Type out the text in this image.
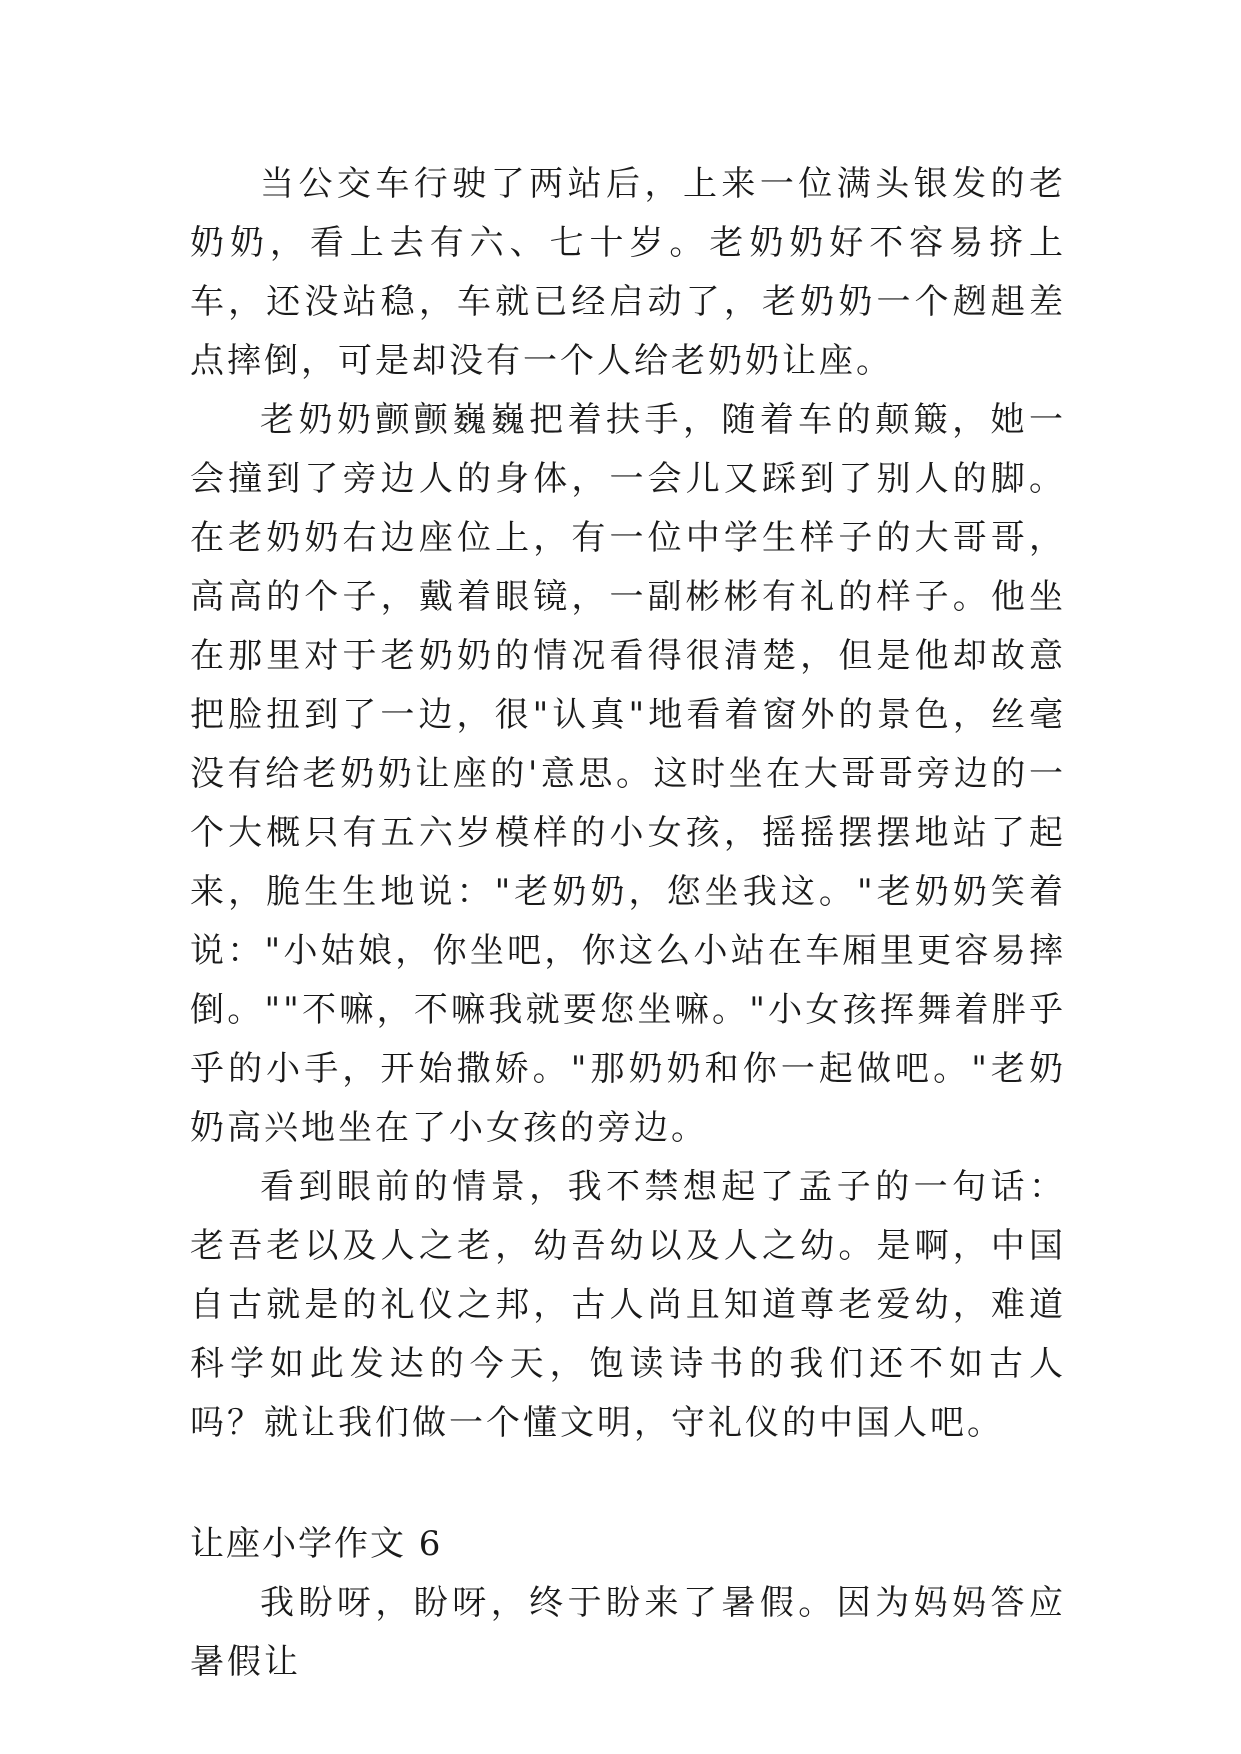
当公交车行驶了两站后，上来一位满头银发的老奶奶，看上去有六、七十岁。老奶奶好不容易挤上车，还没站稳，车就已经启动了，老奶奶一个趔趄差点摔倒，可是却没有一个人给老奶奶让座。

老奶奶颤颤巍巍把着扶手，随着车的颠簸，她一会撞到了旁边人的身体，一会儿又踩到了别人的脚。在老奶奶右边座位上，有一位中学生样子的大哥哥，高高的个子，戴着眼镜，一副彬彬有礼的样子。他坐在那里对于老奶奶的情况看得很清楚，但是他却故意把脸扭到了一边，很"认真"地看着窗外的景色，丝毫没有给老奶奶让座的'意思。这时坐在大哥哥旁边的一个大概只有五六岁模样的小女孩，摇摇摆摆地站了起来，脆生生地说："老奶奶，您坐我这。"老奶奶笑着说："小姑娘，你坐吧，你这么小站在车厢里更容易摔倒。""不嘛，不嘛我就要您坐嘛。"小女孩挥舞着胖乎乎的小手，开始撒娇。"那奶奶和你一起做吧。"老奶奶高兴地坐在了小女孩的旁边。

看到眼前的情景，我不禁想起了孟子的一句话：老吾老以及人之老，幼吾幼以及人之幼。是啊，中国自古就是的礼仪之邦，古人尚且知道尊老爱幼，难道科学如此发达的今天，饱读诗书的我们还不如古人吗？就让我们做一个懂文明，守礼仪的中国人吧。

让座小学作文 6

我盼呀，盼呀，终于盼来了暑假。因为妈妈答应暑假让
